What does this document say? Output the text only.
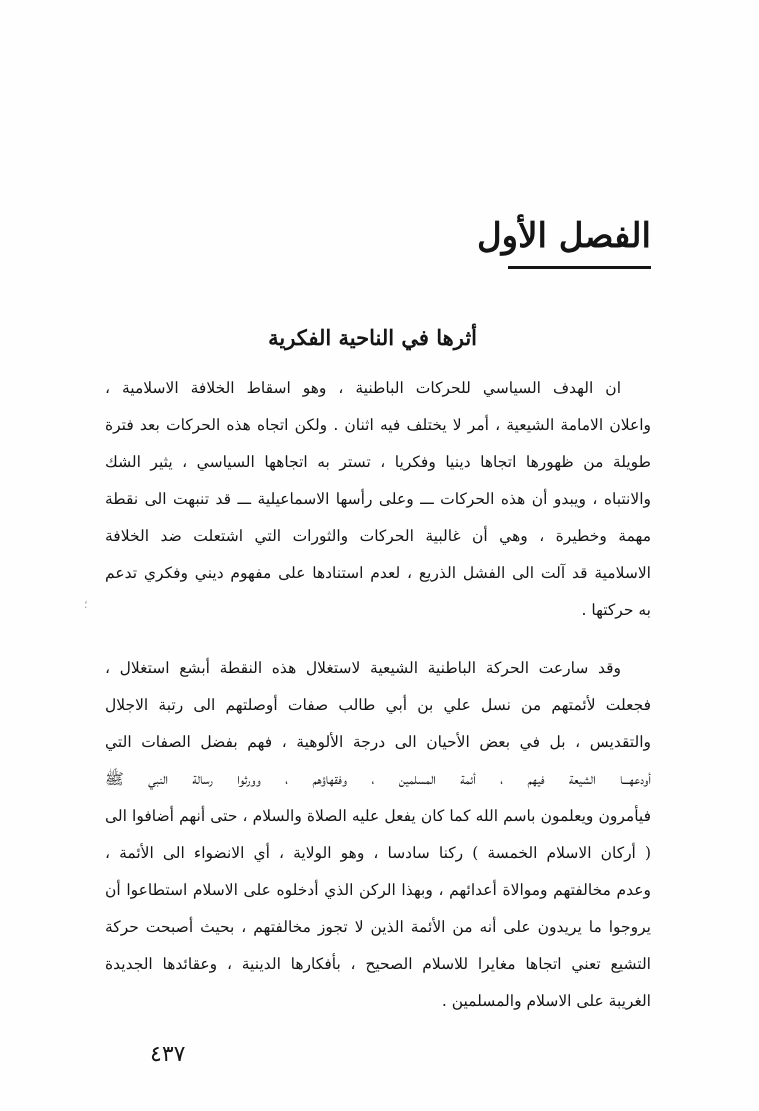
الفصل الأول
أثرها في الناحية الفكرية
ان الهدف السياسي للحركات الباطنية ، وهو اسقاط الخلافة الاسلامية ،
واعلان الامامة الشيعية ، أمر لا يختلف فيه اثنان . ولكن اتجاه هذه الحركات بعد فترة
طويلة من ظهورها اتجاها دينيا وفكريا ، تستر به اتجاهها السياسي ، يثير الشك
والانتباه ، ويبدو أن هذه الحركات ـــ وعلى رأسها الاسماعيلية ـــ قد تنبهت الى نقطة
مهمة وخطيرة ، وهي أن غالبية الحركات والثورات التي اشتعلت ضد الخلافة
الاسلامية قد آلت الى الفشل الذريع ، لعدم استنادها على مفهوم ديني وفكري تدعم
به حركتها .
وقد سارعت الحركة الباطنية الشيعية لاستغلال هذه النقطة أبشع استغلال ،
فجعلت لأئمتهم من نسل علي بن أبي طالب صفات أوصلتهم الى رتبة الاجلال
والتقديس ، بل في بعض الأحيان الى درجة الألوهية ، فهم بفضل الصفات التي
أودعهـــا الشيعة فيهم ، أئمة المسلمين ، وفقهاؤهم ، وورثوا رسالة النبي ﷺ
فيأمرون ويعلمون باسم الله كما كان يفعل عليه الصلاة والسلام ، حتى أنهم أضافوا الى
( أركان الاسلام الخمسة ) ركنا سادسا ، وهو الولاية ، أي الانضواء الى الأئمة ،
وعدم مخالفتهم وموالاة أعدائهم ، وبهذا الركن الذي أدخلوه على الاسلام استطاعوا أن
يروجوا ما يريدون على أنه من الأئمة الذين لا تجوز مخالفتهم ، بحيث أصبحت حركة
التشيع تعني اتجاها مغايرا للاسلام الصحيح ، بأفكارها الدينية ، وعقائدها الجديدة
الغريبة على الاسلام والمسلمين .
؛
٤٣٧
